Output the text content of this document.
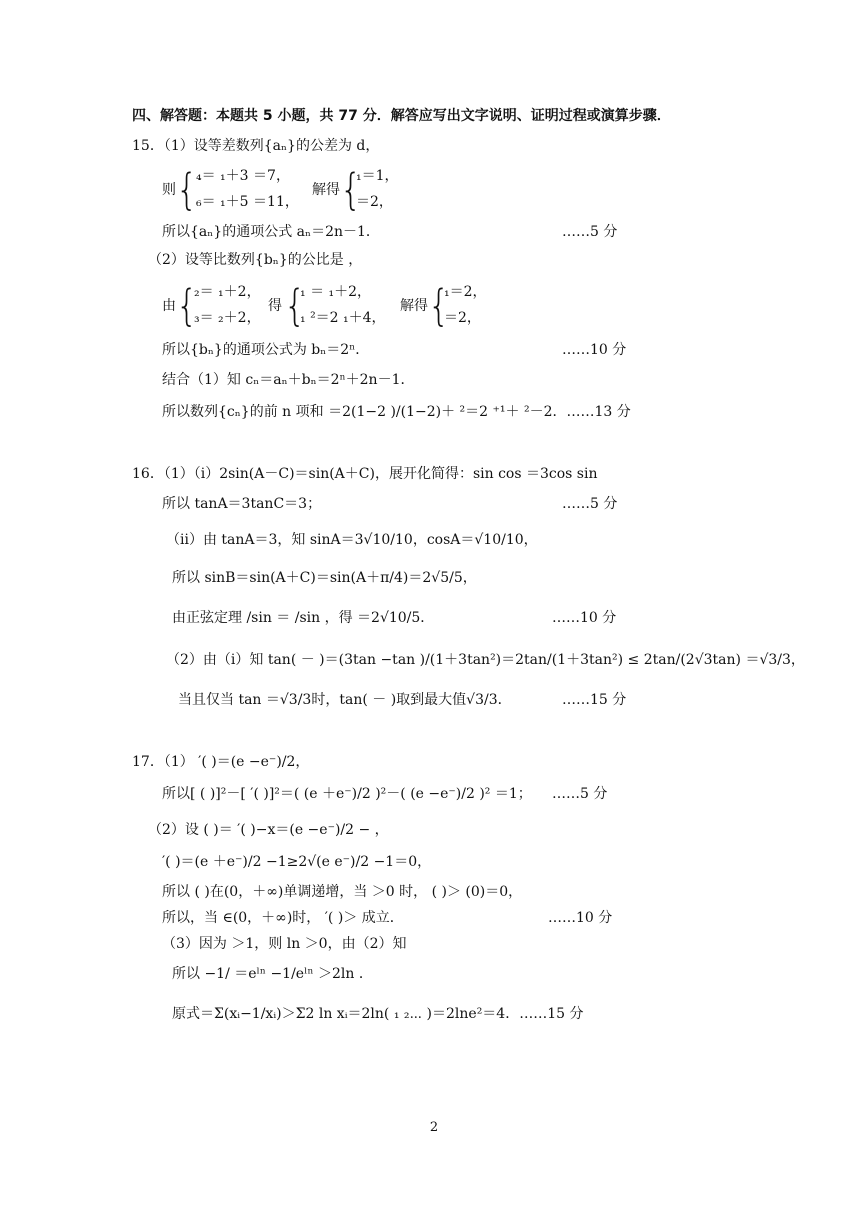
四、解答题：本题共 5 小题，共 77 分．解答应写出文字说明、证明过程或演算步骤．
15．（1）设等差数列{aₙ}的公差为 d，
则 {
₄＝ ₁＋3 ＝7，
₆＝ ₁＋5 ＝11，
解得 {
₁＝1，
＝2，
所以{aₙ}的通项公式 aₙ＝2n－1．	……5 分
（2）设等比数列{bₙ}的公比是 ，
由 {
₂＝ ₁＋2，
₃＝ ₂＋2，
得 {
₁ ＝ ₁＋2，
₁ ²＝2 ₁＋4，
解得 {
₁＝2，
＝2，
所以{bₙ}的通项公式为 bₙ＝2ⁿ．	……10 分
结合（1）知 cₙ＝aₙ＋bₙ＝2ⁿ＋2n－1．
所以数列{cₙ}的前 n 项和 ＝2(1−2 )/(1−2)＋ ²＝2 ⁺¹＋ ²－2．……13 分
16．（1）（ⅰ）2sin(A－C)＝sin(A＋C)，展开化简得：sin cos ＝3cos sin
所以 tanA＝3tanC＝3；	……5 分
（ⅱ）由 tanA＝3，知 sinA＝3√10/10，cosA＝√10/10，
所以 sinB＝sin(A＋C)＝sin(A＋π/4)＝2√5/5，
由正弦定理 /sin ＝ /sin ，得 ＝2√10/5．	……10 分
（2）由（ⅰ）知 tan( － )＝(3tan −tan )/(1＋3tan²)＝2tan/(1＋3tan²) ≤ 2tan/(2√3tan) ＝√3/3，
当且仅当 tan ＝√3/3时，tan( － )取到最大值√3/3．	……15 分
17．（1） ′( )＝(e −e⁻)/2，
所以[ ( )]²－[ ′( )]²＝( (e ＋e⁻)/2 )²－( (e −e⁻)/2 )² ＝1； ……5 分
（2）设 ( )＝ ′( )−x＝(e −e⁻)/2 − ，
′( )＝(e ＋e⁻)/2 −1≥2√(e e⁻)/2 −1＝0，
所以 ( )在(0，＋∞)单调递增，当 ＞0 时， ( )＞ (0)＝0，
所以，当 ∈(0，＋∞)时， ′( )＞ 成立．	……10 分
（3）因为 ＞1，则 ln ＞0，由（2）知
所以 −1/ ＝eˡⁿ −1/eˡⁿ ＞2ln ．
原式＝Σ(xᵢ−1/xᵢ)＞Σ2 ln xᵢ＝2ln( ₁ ₂⋯ )＝2lne²＝4．……15 分
2
